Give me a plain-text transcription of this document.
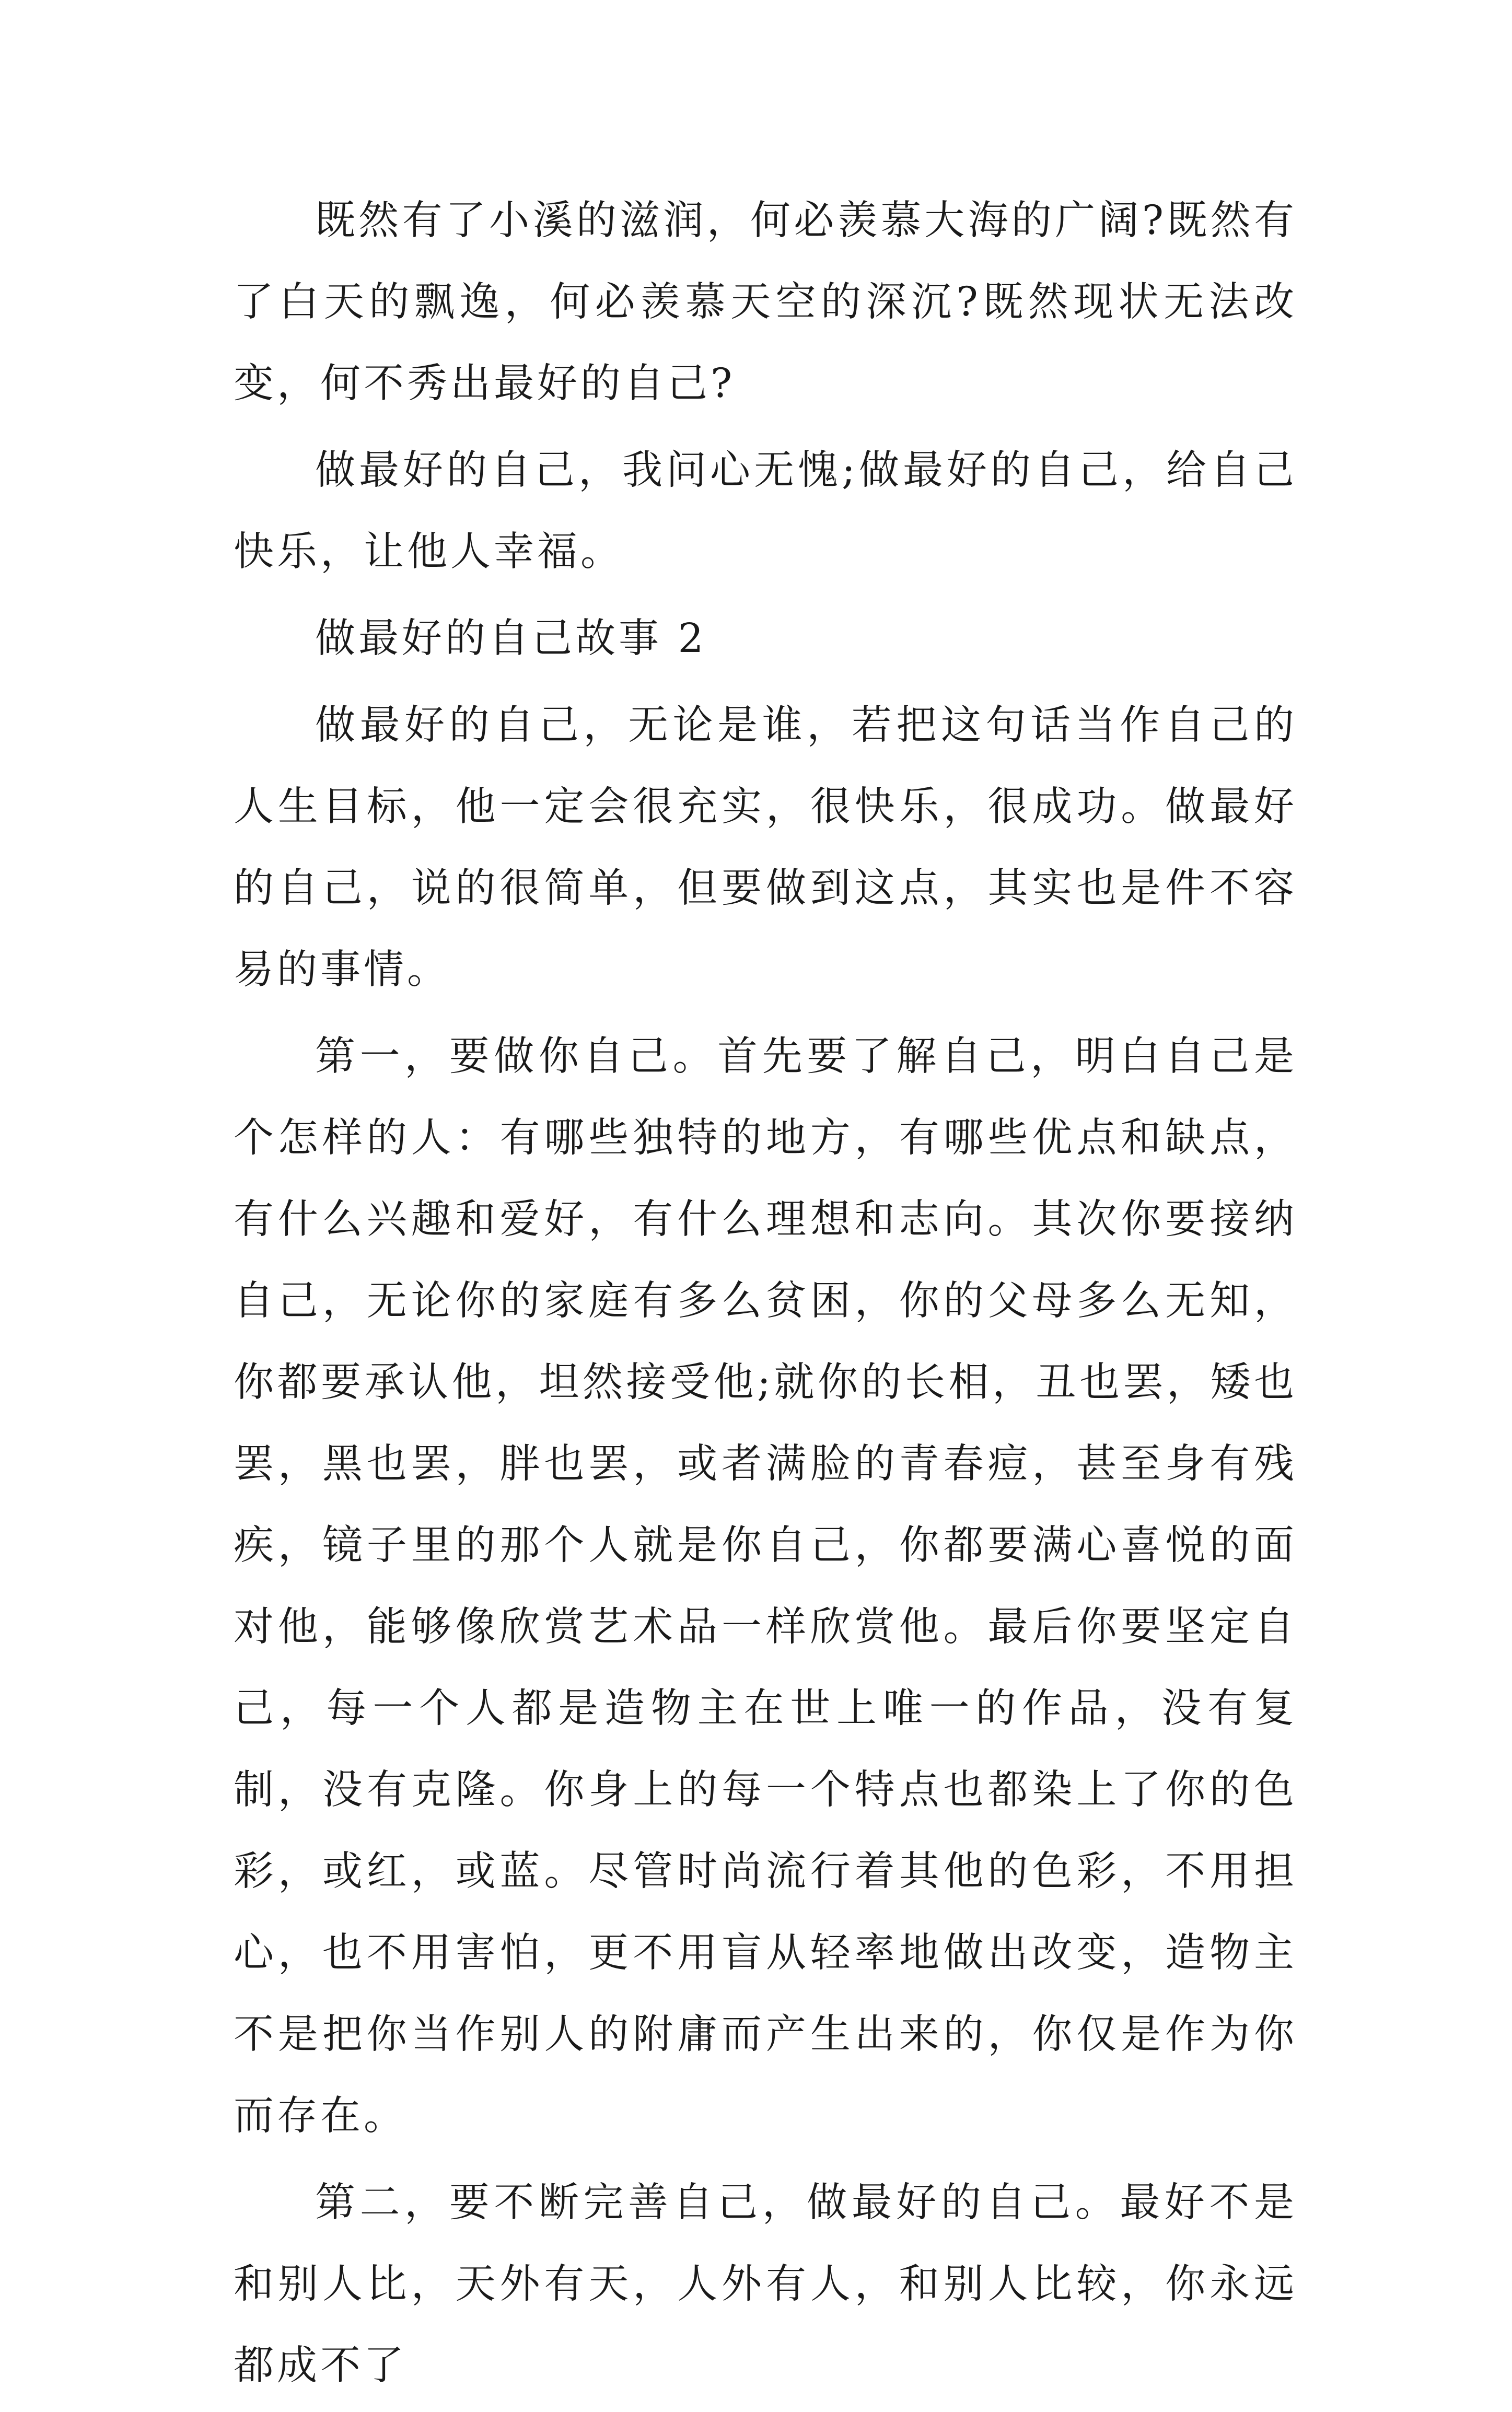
既然有了小溪的滋润，何必羡慕大海的广阔?既然有了白天的飘逸，何必羡慕天空的深沉?既然现状无法改变，何不秀出最好的自己?

做最好的自己，我问心无愧;做最好的自己，给自己快乐，让他人幸福。

做最好的自己故事 2

做最好的自己，无论是谁，若把这句话当作自己的人生目标，他一定会很充实，很快乐，很成功。做最好的自己，说的很简单，但要做到这点，其实也是件不容易的事情。

第一，要做你自己。首先要了解自己，明白自己是个怎样的人：有哪些独特的地方，有哪些优点和缺点，有什么兴趣和爱好，有什么理想和志向。其次你要接纳自己，无论你的家庭有多么贫困，你的父母多么无知，你都要承认他，坦然接受他;就你的长相，丑也罢，矮也罢，黑也罢，胖也罢，或者满脸的青春痘，甚至身有残疾，镜子里的那个人就是你自己，你都要满心喜悦的面对他，能够像欣赏艺术品一样欣赏他。最后你要坚定自己，每一个人都是造物主在世上唯一的作品，没有复制，没有克隆。你身上的每一个特点也都染上了你的色彩，或红，或蓝。尽管时尚流行着其他的色彩，不用担心，也不用害怕，更不用盲从轻率地做出改变，造物主不是把你当作别人的附庸而产生出来的，你仅是作为你而存在。

第二，要不断完善自己，做最好的自己。最好不是和别人比，天外有天，人外有人，和别人比较，你永远都成不了
